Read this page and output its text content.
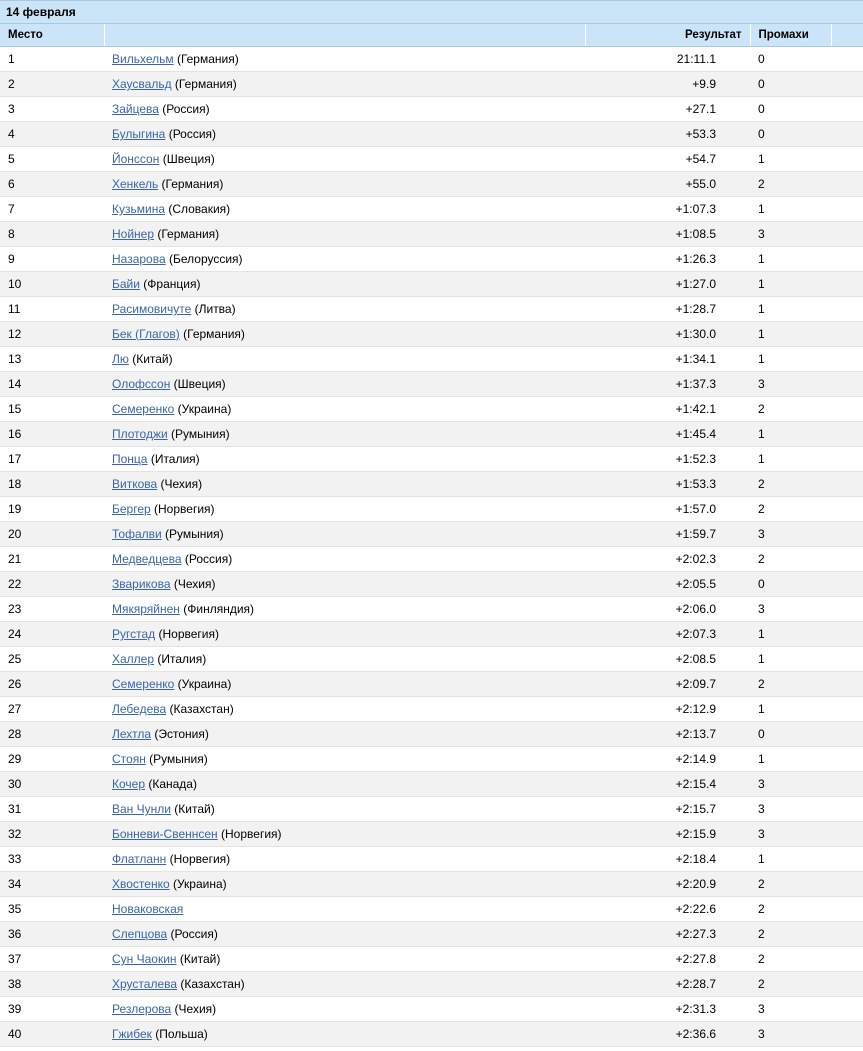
14 февраля				
Место		Результат	Промахи	
1	Вильхельм (Германия)	21:11.1	0	
2	Хаусвальд (Германия)	+9.9	0	
3	Зайцева (Россия)	+27.1	0	
4	Булыгина (Россия)	+53.3	0	
5	Йонссон (Швеция)	+54.7	1	
6	Хенкель (Германия)	+55.0	2	
7	Кузьмина (Словакия)	+1:07.3	1	
8	Нойнер (Германия)	+1:08.5	3	
9	Назарова (Белоруссия)	+1:26.3	1	
10	Байи (Франция)	+1:27.0	1	
11	Расимовичуте (Литва)	+1:28.7	1	
12	Бек (Глагов) (Германия)	+1:30.0	1	
13	Лю (Китай)	+1:34.1	1	
14	Олофссон (Швеция)	+1:37.3	3	
15	Семеренко (Украина)	+1:42.1	2	
16	Плотоджи (Румыния)	+1:45.4	1	
17	Понца (Италия)	+1:52.3	1	
18	Виткова (Чехия)	+1:53.3	2	
19	Бергер (Норвегия)	+1:57.0	2	
20	Тофалви (Румыния)	+1:59.7	3	
21	Медведцева (Россия)	+2:02.3	2	
22	Зварикова (Чехия)	+2:05.5	0	
23	Мякяряйнен (Финляндия)	+2:06.0	3	
24	Ругстад (Норвегия)	+2:07.3	1	
25	Халлер (Италия)	+2:08.5	1	
26	Семеренко (Украина)	+2:09.7	2	
27	Лебедева (Казахстан)	+2:12.9	1	
28	Лехтла (Эстония)	+2:13.7	0	
29	Стоян (Румыния)	+2:14.9	1	
30	Кочер (Канада)	+2:15.4	3	
31	Ван Чунли (Китай)	+2:15.7	3	
32	Бонневи-Свеннсен (Норвегия)	+2:15.9	3	
33	Флатланн (Норвегия)	+2:18.4	1	
34	Хвостенко (Украина)	+2:20.9	2	
35	Новаковская	+2:22.6	2	
36	Слепцова (Россия)	+2:27.3	2	
37	Сун Чаокин (Китай)	+2:27.8	2	
38	Хрусталева (Казахстан)	+2:28.7	2	
39	Резлерова (Чехия)	+2:31.3	3	
40	Гжибек (Польша)	+2:36.6	3	
